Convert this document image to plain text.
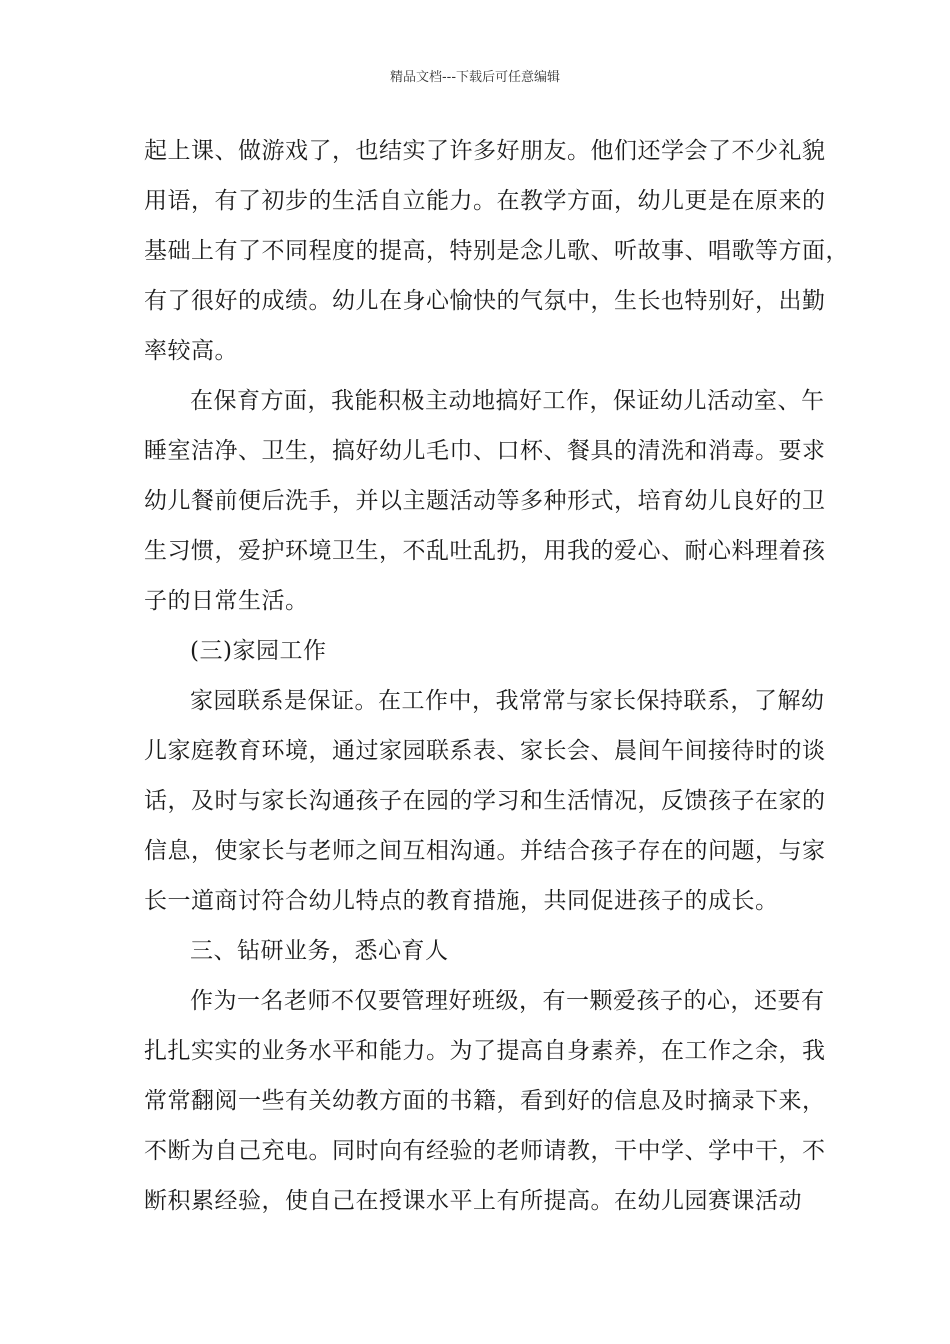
精品文档---下载后可任意编辑
起上课、做游戏了，也结实了许多好朋友。他们还学会了不少礼貌
用语，有了初步的生活自立能力。在教学方面，幼儿更是在原来的
基础上有了不同程度的提高，特别是念儿歌、听故事、唱歌等方面，
有了很好的成绩。幼儿在身心愉快的气氛中，生长也特别好，出勤
率较高。
在保育方面，我能积极主动地搞好工作，保证幼儿活动室、午
睡室洁净、卫生，搞好幼儿毛巾、口杯、餐具的清洗和消毒。要求
幼儿餐前便后洗手，并以主题活动等多种形式，培育幼儿良好的卫
生习惯，爱护环境卫生，不乱吐乱扔，用我的爱心、耐心料理着孩
子的日常生活。
(三)家园工作
家园联系是保证。在工作中，我常常与家长保持联系，了解幼
儿家庭教育环境，通过家园联系表、家长会、晨间午间接待时的谈
话，及时与家长沟通孩子在园的学习和生活情况，反馈孩子在家的
信息，使家长与老师之间互相沟通。并结合孩子存在的问题，与家
长一道商讨符合幼儿特点的教育措施，共同促进孩子的成长。
三、钻研业务，悉心育人
作为一名老师不仅要管理好班级，有一颗爱孩子的心，还要有
扎扎实实的业务水平和能力。为了提高自身素养，在工作之余，我
常常翻阅一些有关幼教方面的书籍，看到好的信息及时摘录下来，
不断为自己充电。同时向有经验的老师请教，干中学、学中干，不
断积累经验，使自己在授课水平上有所提高。在幼儿园赛课活动
